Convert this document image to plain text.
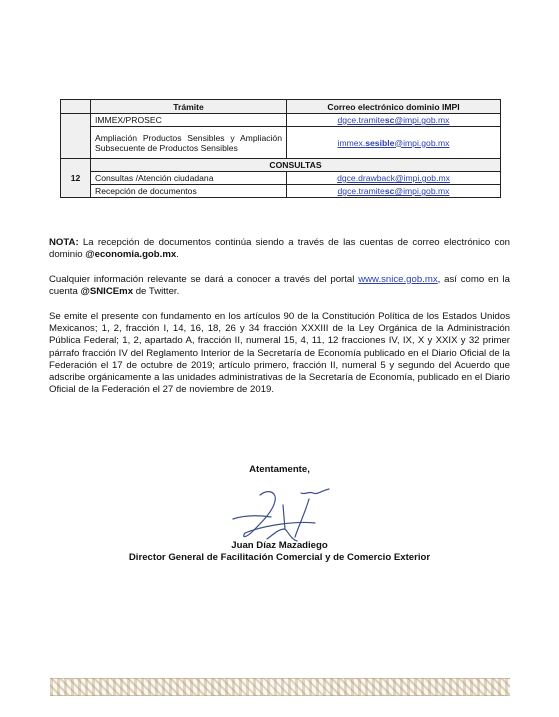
	Trámite	Correo electrónico dominio IMPI
	IMMEX/PROSEC	dgce.tramitesc@impi.gob.mx
	Ampliación Productos Sensibles y Ampliación Subsecuente de Productos Sensibles	immex.sesible@impi.gob.mx
12	CONSULTAS	
	Consultas /Atención ciudadana	dgce.drawback@impi.gob.mx
	Recepción de documentos	dgce.tramitesc@impi.gob.mx

NOTA: La recepción de documentos continúa siendo a través de las cuentas de correo electrónico con dominio @economia.gob.mx.

Cualquier información relevante se dará a conocer a través del portal www.snice.gob.mx, así como en la cuenta @SNICEmx de Twitter.

Se emite el presente con fundamento en los artículos 90 de la Constitución Política de los Estados Unidos Mexicanos; 1, 2, fracción I, 14, 16, 18, 26 y 34 fracción XXXIII de la Ley Orgánica de la Administración Pública Federal; 1, 2, apartado A, fracción II, numeral 15, 4, 11, 12 fracciones IV, IX, X y XXIX y 32 primer párrafo fracción IV del Reglamento Interior de la Secretaría de Economía publicado en el Diario Oficial de la Federación el 17 de octubre de 2019; artículo primero, fracción II, numeral 5 y segundo del Acuerdo que adscribe orgánicamente a las unidades administrativas de la Secretaría de Economía, publicado en el Diario Oficial de la Federación el 27 de noviembre de 2019.

Atentamente,
Juan Díaz Mazadiego
Director General de Facilitación Comercial y de Comercio Exterior
